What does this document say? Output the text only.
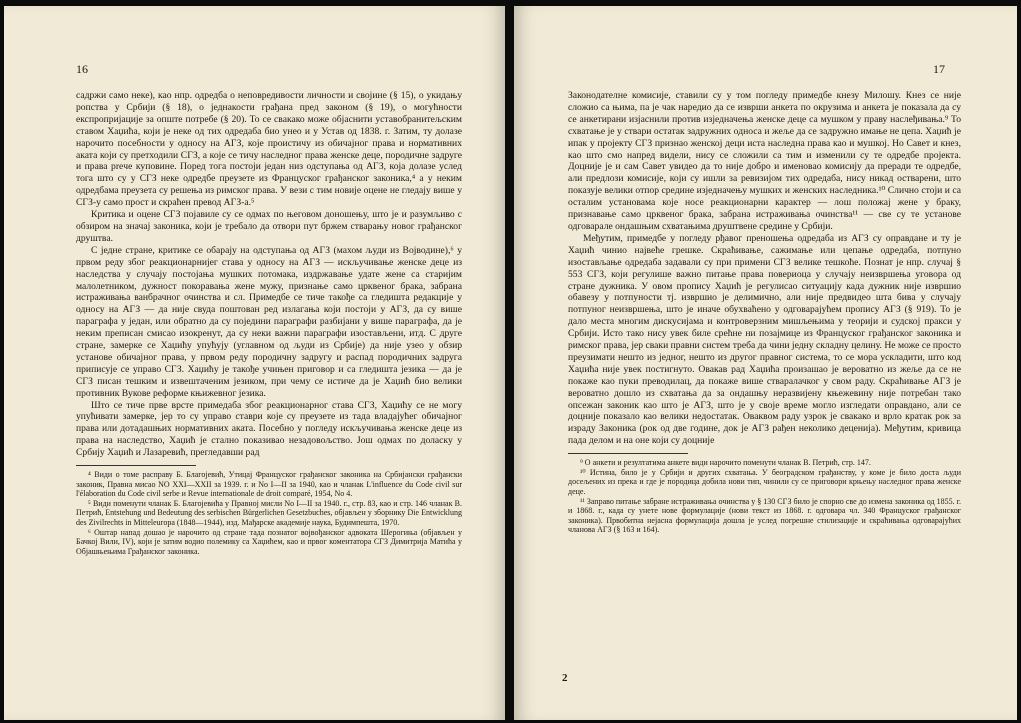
16

садржи само неке), као нпр. одредба о неповредивости личности и својине (§ 15), о укидању ропства у Србији (§ 18), о једнакости грађана пред законом (§ 19), о могућности експропријације за опште потребе (§ 20). То се свакако може објаснити уставобранитељским ставом Хаџића, који је неке од тих одредаба био унео и у Устав од 1838. г. Затим, ту долазе нарочито посебности у односу на АГЗ, које проистичу из обичајног права и нормативних аката који су претходили СГЗ, а које се тичу наследног права женске деце, породичне задруге и права preче куповине. Поред тога постоји један низ одступања од АГЗ, која долазе услед тога што су у СГЗ неке одредбе преузете из Француског грађанског законика,⁴ а у неким одредбама преузета су решења из римског права. У вези с тим новије оцене не гледају више у СГЗ-у само прост и скраћен превод АГЗ-а.⁵

Критика и оцене СГЗ појавиле су се одмах по његовом доношењу, што је и разумљиво с обзиром на значај законика, који је требало да отвори пут бржем стварању новог грађанског друштва.

С једне стране, критике се обарају на одступања од АГЗ (махом људи из Војводине),⁶ у првом реду због реакционарнијег става у односу на АГЗ — искључивање женске деце из наследства у случају постојања мушких потомака, издржавање удате жене са старијим малолетником, дужност покоравања жене мужу, признање само црквеног брака, забрана истраживања ванбрачног очинства и сл. Примедбе се тиче такође са гледишта редакције у односу на АГЗ — да није свуда поштован ред излагања који постоји у АГЗ, да су више параграфа у један, или обратно да су поједини параграфи разбијани у више параграфа, да је неким преписан смисао изокренут, да су неки важни параграфи изостављени, итд. С друге стране, замерке се Хаџићу упућују (углавном од људи из Србије) да није узео у обзир установе обичајног права, у првом реду породичну задругу и распад породичних задруга приписује се управо СГЗ. Хаџићу је такође учињен приговор и са гледишта језика — да је СГЗ писан тешким и извештаченим језиком, при чему се истиче да је Хаџић био велики противник Вукове реформе књижевног језика.

Што се тиче прве врсте примедаба због реакционарног става СГЗ, Хаџићу се не могу упућивати замерке, јер то су управо ставри које су преузете из тада владајућег обичајног права или дотадашњих нормативних аката. Посебно у погледу искључивања женске деце из права на наследство, Хаџић је стално показивао незадовољство. Још одмах по доласку у Србију Хаџић и Лазаревић, прегледавши рад

⁴ Види о томе расправу Б. Благојевић, Утицај Француског грађанског законика на Србијански грађански законик, Правна мисао NO XXI—XXII за 1939. г. и No I—II за 1940, као и чланак L'influence du Code civil sur l'élaboration du Code civil serbe и Revue internationale de droit comparé, 1954, No 4.

⁵ Види поменути чланак Б. Благојевића у Правној мисли No I—II за 1940. г., стр. 83, као и стр. 146 чланак В. Петрић, Entstehung und Bedeutung des serbischen Bürgerlichen Gesetzbuches, објављен у зборнику Die Entwicklung des Zivilrechts in Mitteleuropa (1848—1944), изд. Мађарске академије наука, Будимпешта, 1970.

⁶ Оштар напад дошао је нарочито од стране тада познатог војвођанског адвоката Шерогиња (објављен у Бачкој Вили, IV), који је затим водио полемику са Хаџићем, као и првог коментатора СГЗ Димитрија Матића у Објашњењима Грађанског законика.

17

Законодателне комисије, ставили су у том погледу примедбе кнезу Милошу. Кнез се није сложио са њима, па је чак наредио да се изврши анкета по окрузима и анкета је показала да су се анкетирани изјаснили против изједначења женске деце са мушком у праву наслеђивања.⁹ То схватање је у ствари остатак задружних односа и жеље да се задружно имање не цепа. Хаџић је ипак у пројекту СГЗ признао женској деци иста наследна права као и мушкој. Но Савет и кнез, као што смо напред видели, нису се сложили са тим и изменили су те одредбе пројекта. Доцније је и сам Савет увидео да то није добро и именовао комисију да преради те одредбе, али предлози комисије, који су ишли за ревизијом тих одредаба, нису никад остварени, што показује велики отпор средине изједначењу мушких и женских наследника.¹⁰ Слично стоји и са осталим установама које носе реакционарни карактер — лош положај жене у браку, признавање само црквеног брака, забрана истраживања очинства¹¹ — све су те установе одговарале ондашњим схватањима друштвене средине у Србији.

Међутим, примедбе у погледу рђавог преношења одредаба из АГЗ су оправдане и ту је Хаџић чинио највеће грешке. Скраћивање, сажимање или цепање одредаба, потпуно изостављање одредаба задавали су при примени СГЗ велике тешкоће. Познат је нпр. случај § 553 СГЗ, који регулише важно питање права повериоца у случају неизвршења уговора од стране дужника. У овом пропису Хаџић је регулисао ситуацију када дужник није извршио обавезу у потпуности тј. извршио је делимично, али није предвидео шта бива у случају потпуног неизвршења, што је иначе обухваћено у одговарајућем пропису АГЗ (§ 919). То је дало места многим дискусијама и контроверзним мишљењима у теорији и судској пракси у Србији. Исто тако нису увек биле срећне ни позајмице из Француског грађанског законика и римског права, јер сваки правни систем треба да чини једну складну целину. Не може се просто преузимати нешто из једног, нешто из другог правног система, то се мора ускладити, што код Хаџића није увек постигнуто. Овакав рад Хаџића произашао је вероватно из жеље да се не покаже као пуки преводилац, да покаже више стваралачког у свом раду. Скраћивање АГЗ је вероватно дошло из схватања да за ондашњу неразвијену књежевину није потребан тако опсежан законик као што је АГЗ, што је у своје време могло изгледати оправдано, али се доцније показало као велики недостатак. Оваквом раду узрок је свакако и врло кратак рок за израду Законика (рок од две године, док је АГЗ рађен неколико деценија). Међутим, кривица пада делом и на оне који су доцније

⁹ О анкети и резултатима анкете види нарочито поменути чланак В. Петрић, стр. 147.

¹⁰ Истина, било је у Србији и других схватања. У београдском грађанству, у коме је било доста људи досељених из прека и где је породица добила нови тип, чинили су се приговори крњењу наследног права женске деце.

¹¹ Заправо питање забране истраживања очинства у § 130 СГЗ било је спорно све до измена законика од 1855. г. и 1868. г., када су унете нове формулације (нови текст из 1868. г. одговара чл. 340 Француског грађанског законика). Првобитна нејасна формулација дошла је услед погрешне стилизације и скраћивања одговарајућих чланова АГЗ (§ 163 и 164).

2
